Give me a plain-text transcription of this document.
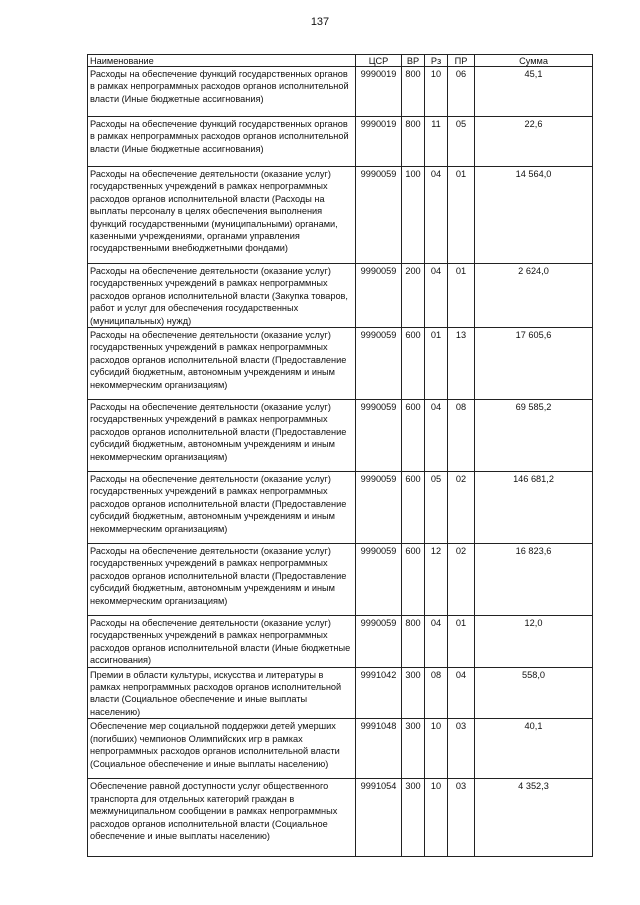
137
Наименование	ЦСР	ВР	Рз	ПР	Сумма
Расходы на обеспечение функций государственных органов в рамках непрограммных расходов органов исполнительной власти (Иные бюджетные ассигнования)	9990019	800	10	06	45,1
Расходы на обеспечение функций государственных органов в рамках непрограммных расходов органов исполнительной власти (Иные бюджетные ассигнования)	9990019	800	11	05	22,6
Расходы на обеспечение деятельности (оказание услуг) государственных учреждений в рамках непрограммных расходов органов исполнительной власти (Расходы на выплаты персоналу в целях обеспечения выполнения функций государственными (муниципальными) органами, казенными учреждениями, органами управления государственными внебюджетными фондами)	9990059	100	04	01	14 564,0
Расходы на обеспечение деятельности (оказание услуг) государственных учреждений в рамках непрограммных расходов органов исполнительной власти (Закупка товаров, работ и услуг для обеспечения государственных (муниципальных) нужд)	9990059	200	04	01	2 624,0
Расходы на обеспечение деятельности (оказание услуг) государственных учреждений в рамках непрограммных расходов органов исполнительной власти (Предоставление субсидий бюджетным, автономным учреждениям и иным некоммерческим организациям)	9990059	600	01	13	17 605,6
Расходы на обеспечение деятельности (оказание услуг) государственных учреждений в рамках непрограммных расходов органов исполнительной власти (Предоставление субсидий бюджетным, автономным учреждениям и иным некоммерческим организациям)	9990059	600	04	08	69 585,2
Расходы на обеспечение деятельности (оказание услуг) государственных учреждений в рамках непрограммных расходов органов исполнительной власти (Предоставление субсидий бюджетным, автономным учреждениям и иным некоммерческим организациям)	9990059	600	05	02	146 681,2
Расходы на обеспечение деятельности (оказание услуг) государственных учреждений в рамках непрограммных расходов органов исполнительной власти (Предоставление субсидий бюджетным, автономным учреждениям и иным некоммерческим организациям)	9990059	600	12	02	16 823,6
Расходы на обеспечение деятельности (оказание услуг) государственных учреждений в рамках непрограммных расходов органов исполнительной власти (Иные бюджетные ассигнования)	9990059	800	04	01	12,0
Премии в области культуры, искусства и литературы в рамках непрограммных расходов органов исполнительной власти (Социальное обеспечение и иные выплаты населению)	9991042	300	08	04	558,0
Обеспечение мер социальной поддержки детей умерших (погибших) чемпионов Олимпийских игр в рамках непрограммных расходов органов исполнительной власти (Социальное обеспечение и иные выплаты населению)	9991048	300	10	03	40,1
Обеспечение равной доступности услуг общественного транспорта для отдельных категорий граждан в межмуниципальном сообщении в рамках непрограммных расходов органов исполнительной власти (Социальное обеспечение и иные выплаты населению)	9991054	300	10	03	4 352,3
